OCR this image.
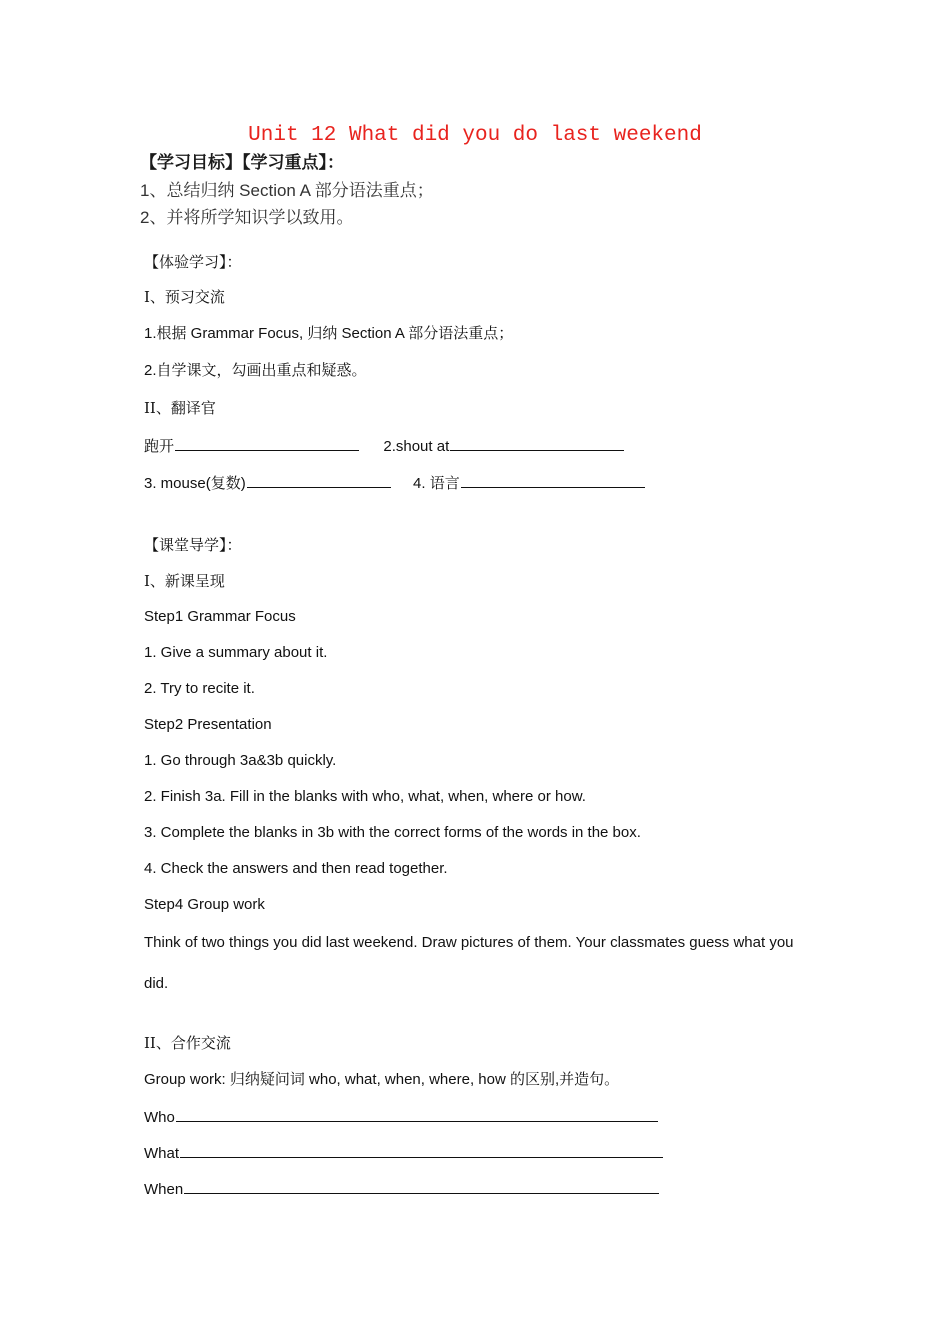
Unit 12 What did you do last weekend

【学习目标】【学习重点】：

1、总结归纳 Section A 部分语法重点；

2、并将所学知识学以致用。

【体验学习】：

I、预习交流

1.根据 Grammar Focus, 归纳 Section A 部分语法重点；

2.自学课文，勾画出重点和疑惑。

II、翻译官

跑开	2.shout at

3. mouse(复数)	4. 语言

【课堂导学】：

I、新课呈现

Step1 Grammar Focus

1. Give a summary about it.

2. Try to recite it.

Step2 Presentation

1. Go through 3a&3b quickly.

2. Finish 3a. Fill in the blanks with who, what, when, where or how.

3. Complete the blanks in 3b with the correct forms of the words in the box.

4. Check the answers and then read together.

Step4 Group work

Think of two things you did last weekend. Draw pictures of them. Your classmates guess what you did.

II、合作交流

Group work: 归纳疑问词 who, what, when, where, how 的区别,并造句。

Who

What

When
